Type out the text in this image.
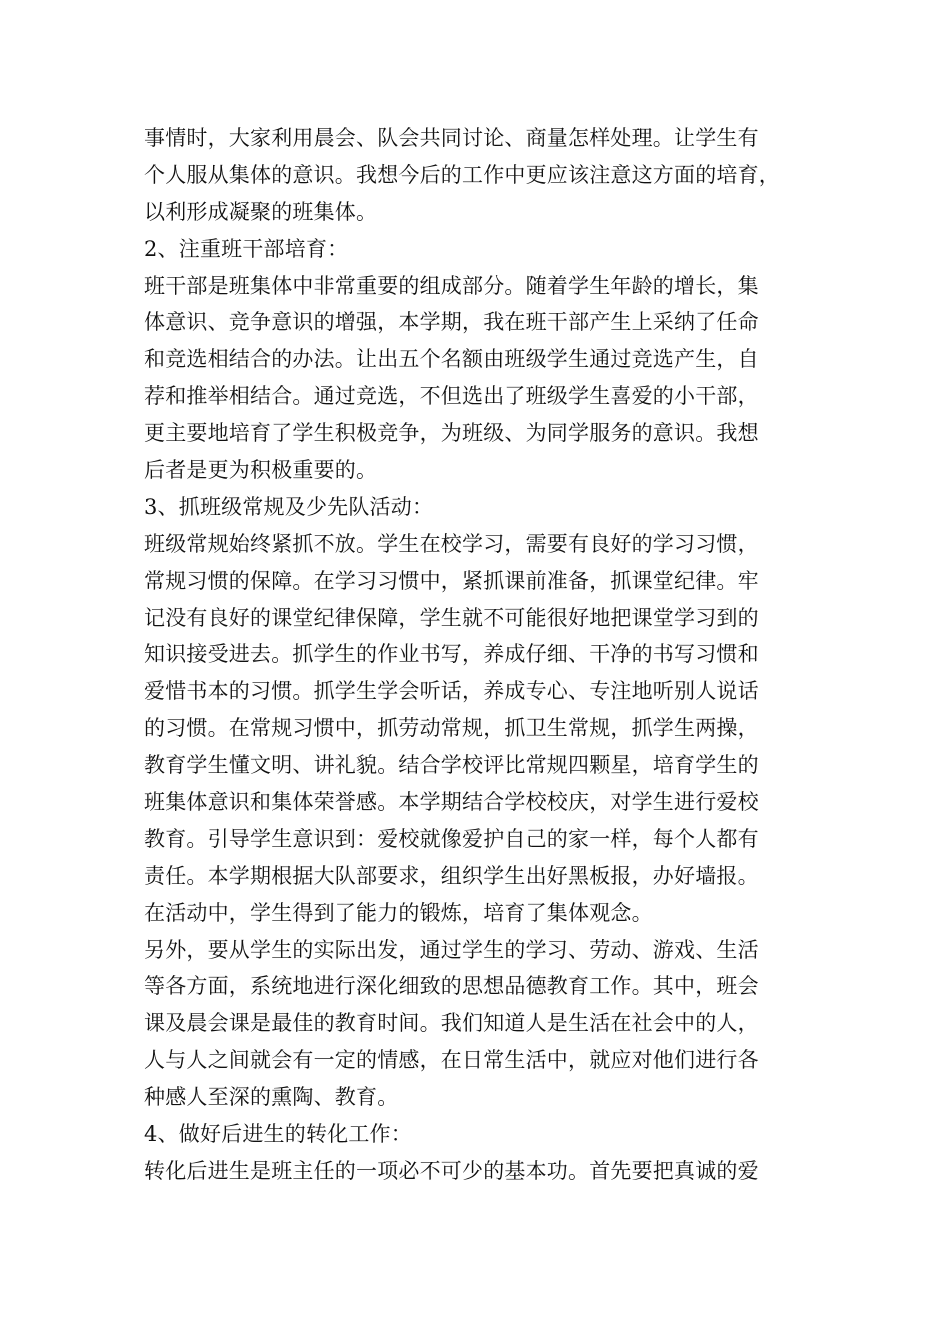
事情时，大家利用晨会、队会共同讨论、商量怎样处理。让学生有
个人服从集体的意识。我想今后的工作中更应该注意这方面的培育，
以利形成凝聚的班集体。
2、注重班干部培育：
班干部是班集体中非常重要的组成部分。随着学生年龄的增长，集
体意识、竞争意识的增强，本学期，我在班干部产生上采纳了任命
和竞选相结合的办法。让出五个名额由班级学生通过竞选产生，自
荐和推举相结合。通过竞选，不但选出了班级学生喜爱的小干部，
更主要地培育了学生积极竞争，为班级、为同学服务的意识。我想
后者是更为积极重要的。
3、抓班级常规及少先队活动：
班级常规始终紧抓不放。学生在校学习，需要有良好的学习习惯，
常规习惯的保障。在学习习惯中，紧抓课前准备，抓课堂纪律。牢
记没有良好的课堂纪律保障，学生就不可能很好地把课堂学习到的
知识接受进去。抓学生的作业书写，养成仔细、干净的书写习惯和
爱惜书本的习惯。抓学生学会听话，养成专心、专注地听别人说话
的习惯。在常规习惯中，抓劳动常规，抓卫生常规，抓学生两操，
教育学生懂文明、讲礼貌。结合学校评比常规四颗星，培育学生的
班集体意识和集体荣誉感。本学期结合学校校庆，对学生进行爱校
教育。引导学生意识到：爱校就像爱护自己的家一样，每个人都有
责任。本学期根据大队部要求，组织学生出好黑板报，办好墙报。
在活动中，学生得到了能力的锻炼，培育了集体观念。
另外，要从学生的实际出发，通过学生的学习、劳动、游戏、生活
等各方面，系统地进行深化细致的思想品德教育工作。其中，班会
课及晨会课是最佳的教育时间。我们知道人是生活在社会中的人，
人与人之间就会有一定的情感，在日常生活中，就应对他们进行各
种感人至深的熏陶、教育。
4、做好后进生的转化工作：
转化后进生是班主任的一项必不可少的基本功。首先要把真诚的爱
